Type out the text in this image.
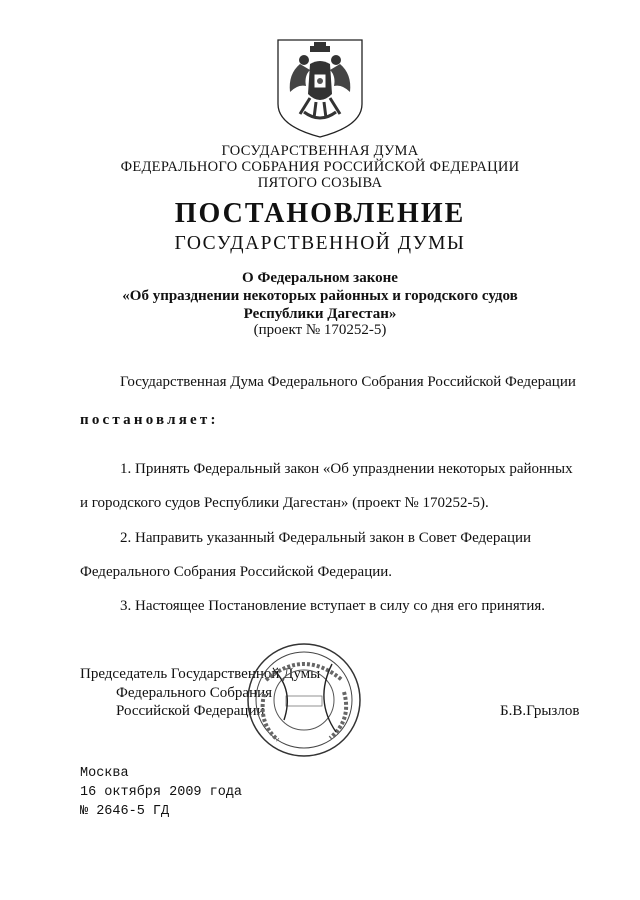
ГОСУДАРСТВЕННАЯ ДУМА
ФЕДЕРАЛЬНОГО СОБРАНИЯ РОССИЙСКОЙ ФЕДЕРАЦИИ
ПЯТОГО СОЗЫВА
ПОСТАНОВЛЕНИЕ
ГОСУДАРСТВЕННОЙ ДУМЫ
О Федеральном законе
«Об упразднении некоторых районных и городского судов
Республики Дагестан»
(проект № 170252-5)
Государственная Дума Федерального Собрания Российской Федерации
постановляет:
1. Принять Федеральный закон «Об упразднении некоторых районных
и городского судов Республики Дагестан» (проект № 170252-5).
2. Направить указанный Федеральный закон в Совет Федерации
Федерального Собрания Российской Федерации.
3. Настоящее Постановление вступает в силу со дня его принятия.
Председатель Государственной Думы
Федерального Собрания
Российской Федерации	Б.В.Грызлов
Москва
16 октября 2009 года
№ 2646-5 ГД
